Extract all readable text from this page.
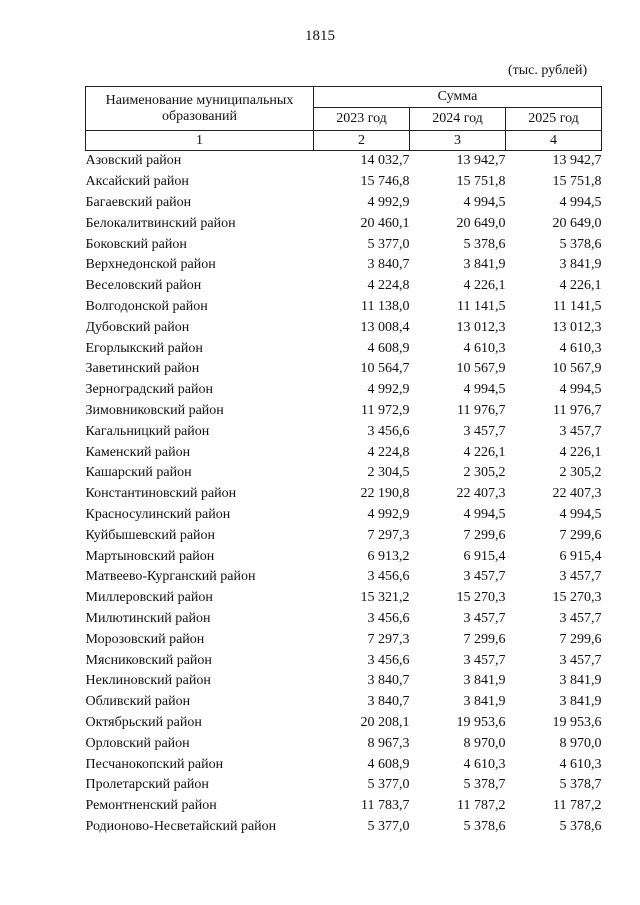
1815
(тыс. рублей)
Наименование муниципальных образований	Сумма		
	2023 год	2024 год	2025 год
1	2	3	4
Азовский район	14 032,7	13 942,7	13 942,7
Аксайский район	15 746,8	15 751,8	15 751,8
Багаевский район	4 992,9	4 994,5	4 994,5
Белокалитвинский район	20 460,1	20 649,0	20 649,0
Боковский район	5 377,0	5 378,6	5 378,6
Верхнедонской район	3 840,7	3 841,9	3 841,9
Веселовский район	4 224,8	4 226,1	4 226,1
Волгодонской район	11 138,0	11 141,5	11 141,5
Дубовский район	13 008,4	13 012,3	13 012,3
Егорлыкский район	4 608,9	4 610,3	4 610,3
Заветинский район	10 564,7	10 567,9	10 567,9
Зерноградский район	4 992,9	4 994,5	4 994,5
Зимовниковский район	11 972,9	11 976,7	11 976,7
Кагальницкий район	3 456,6	3 457,7	3 457,7
Каменский район	4 224,8	4 226,1	4 226,1
Кашарский район	2 304,5	2 305,2	2 305,2
Константиновский район	22 190,8	22 407,3	22 407,3
Красносулинский район	4 992,9	4 994,5	4 994,5
Куйбышевский район	7 297,3	7 299,6	7 299,6
Мартыновский район	6 913,2	6 915,4	6 915,4
Матвеево-Курганский район	3 456,6	3 457,7	3 457,7
Миллеровский район	15 321,2	15 270,3	15 270,3
Милютинский район	3 456,6	3 457,7	3 457,7
Морозовский район	7 297,3	7 299,6	7 299,6
Мясниковский район	3 456,6	3 457,7	3 457,7
Неклиновский район	3 840,7	3 841,9	3 841,9
Обливский район	3 840,7	3 841,9	3 841,9
Октябрьский район	20 208,1	19 953,6	19 953,6
Орловский район	8 967,3	8 970,0	8 970,0
Песчанокопский район	4 608,9	4 610,3	4 610,3
Пролетарский район	5 377,0	5 378,7	5 378,7
Ремонтненский район	11 783,7	11 787,2	11 787,2
Родионово-Несветайский район	5 377,0	5 378,6	5 378,6
